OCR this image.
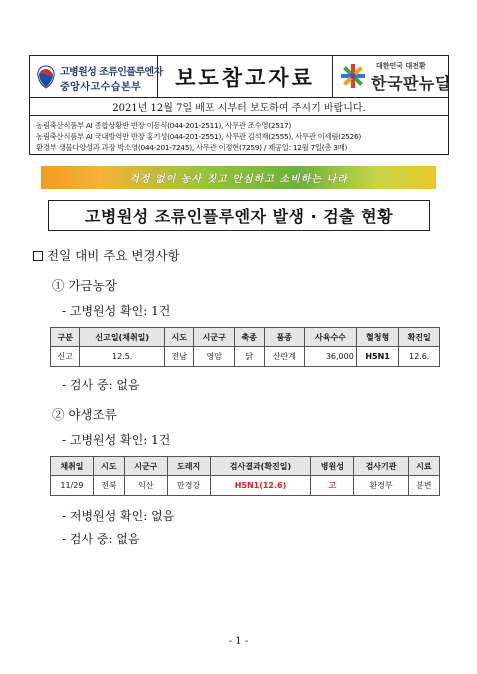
고병원성 조류인플루엔자
중앙사고수습본부	보도참고자료	대한민국 대전환
한국판뉴딜
2021년 12월 7일 배포 시부터 보도하여 주시기 바랍니다.
농림축산식품부 AI 종합상황반 반장 이동식(044-201-2511), 사무관 조수영(2517)
농림축산식품부 AI 국내방역반 반장 홍기성(044-201-2551), 사무관 김석재(2555), 사무관 이세림(2526)
환경부 생물다양성과 과장 박소영(044-201-7245), 사무관 이정현(7259) / 제공일: 12월 7일(총 3매)
걱정 없이 농사 짓고 안심하고 소비하는 나라
고병원성 조류인플루엔자 발생 · 검출 현황
전일 대비 주요 변경사항
① 가금농장
- 고병원성 확인: 1건
구분	신고일(채취일)	시도	시군구	축종	품종	사육수수	혈청형	확진일
신고	12.5.	전남	영암	닭	산란계	36,000	H5N1	12.6.
- 검사 중: 없음
② 야생조류
- 고병원성 확인: 1건
채취일	시도	시군구	도래지	검사결과(확진일)	병원성	검사기관	시료
11/29	전북	익산	만경강	H5N1(12.6)	고	환경부	분변
- 저병원성 확인: 없음
- 검사 중: 없음
- 1 -
